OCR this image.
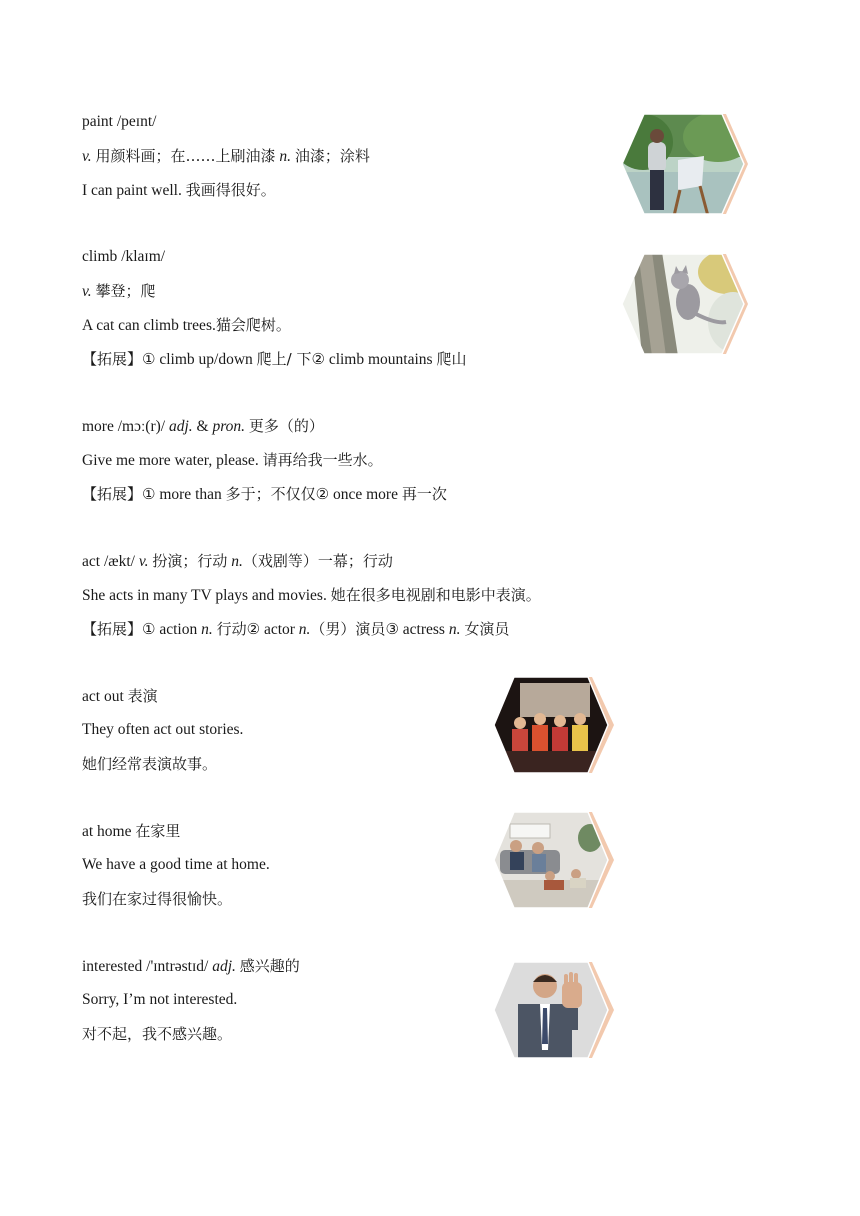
paint /peɪnt/
v. 用颜料画；在……上刷油漆 n. 油漆；涂料
I can paint well. 我画得很好。
climb /klaɪm/
v. 攀登；爬
A cat can climb trees.猫会爬树。
【拓展】① climb up/down 爬上/ 下② climb mountains 爬山
more /mɔː(r)/ adj. & pron. 更多（的）
Give me more water, please. 请再给我一些水。
【拓展】① more than 多于；不仅仅② once more 再一次
act /ækt/ v. 扮演；行动 n.（戏剧等）一幕；行动
She acts in many TV plays and movies. 她在很多电视剧和电影中表演。
【拓展】① action n. 行动② actor n.（男）演员③ actress n. 女演员
act out 表演
They often act out stories.
她们经常表演故事。
at home 在家里
We have a good time at home.
我们在家过得很愉快。
interested /'ɪntrəstɪd/ adj. 感兴趣的
Sorry, I’m not interested.
对不起，我不感兴趣。
